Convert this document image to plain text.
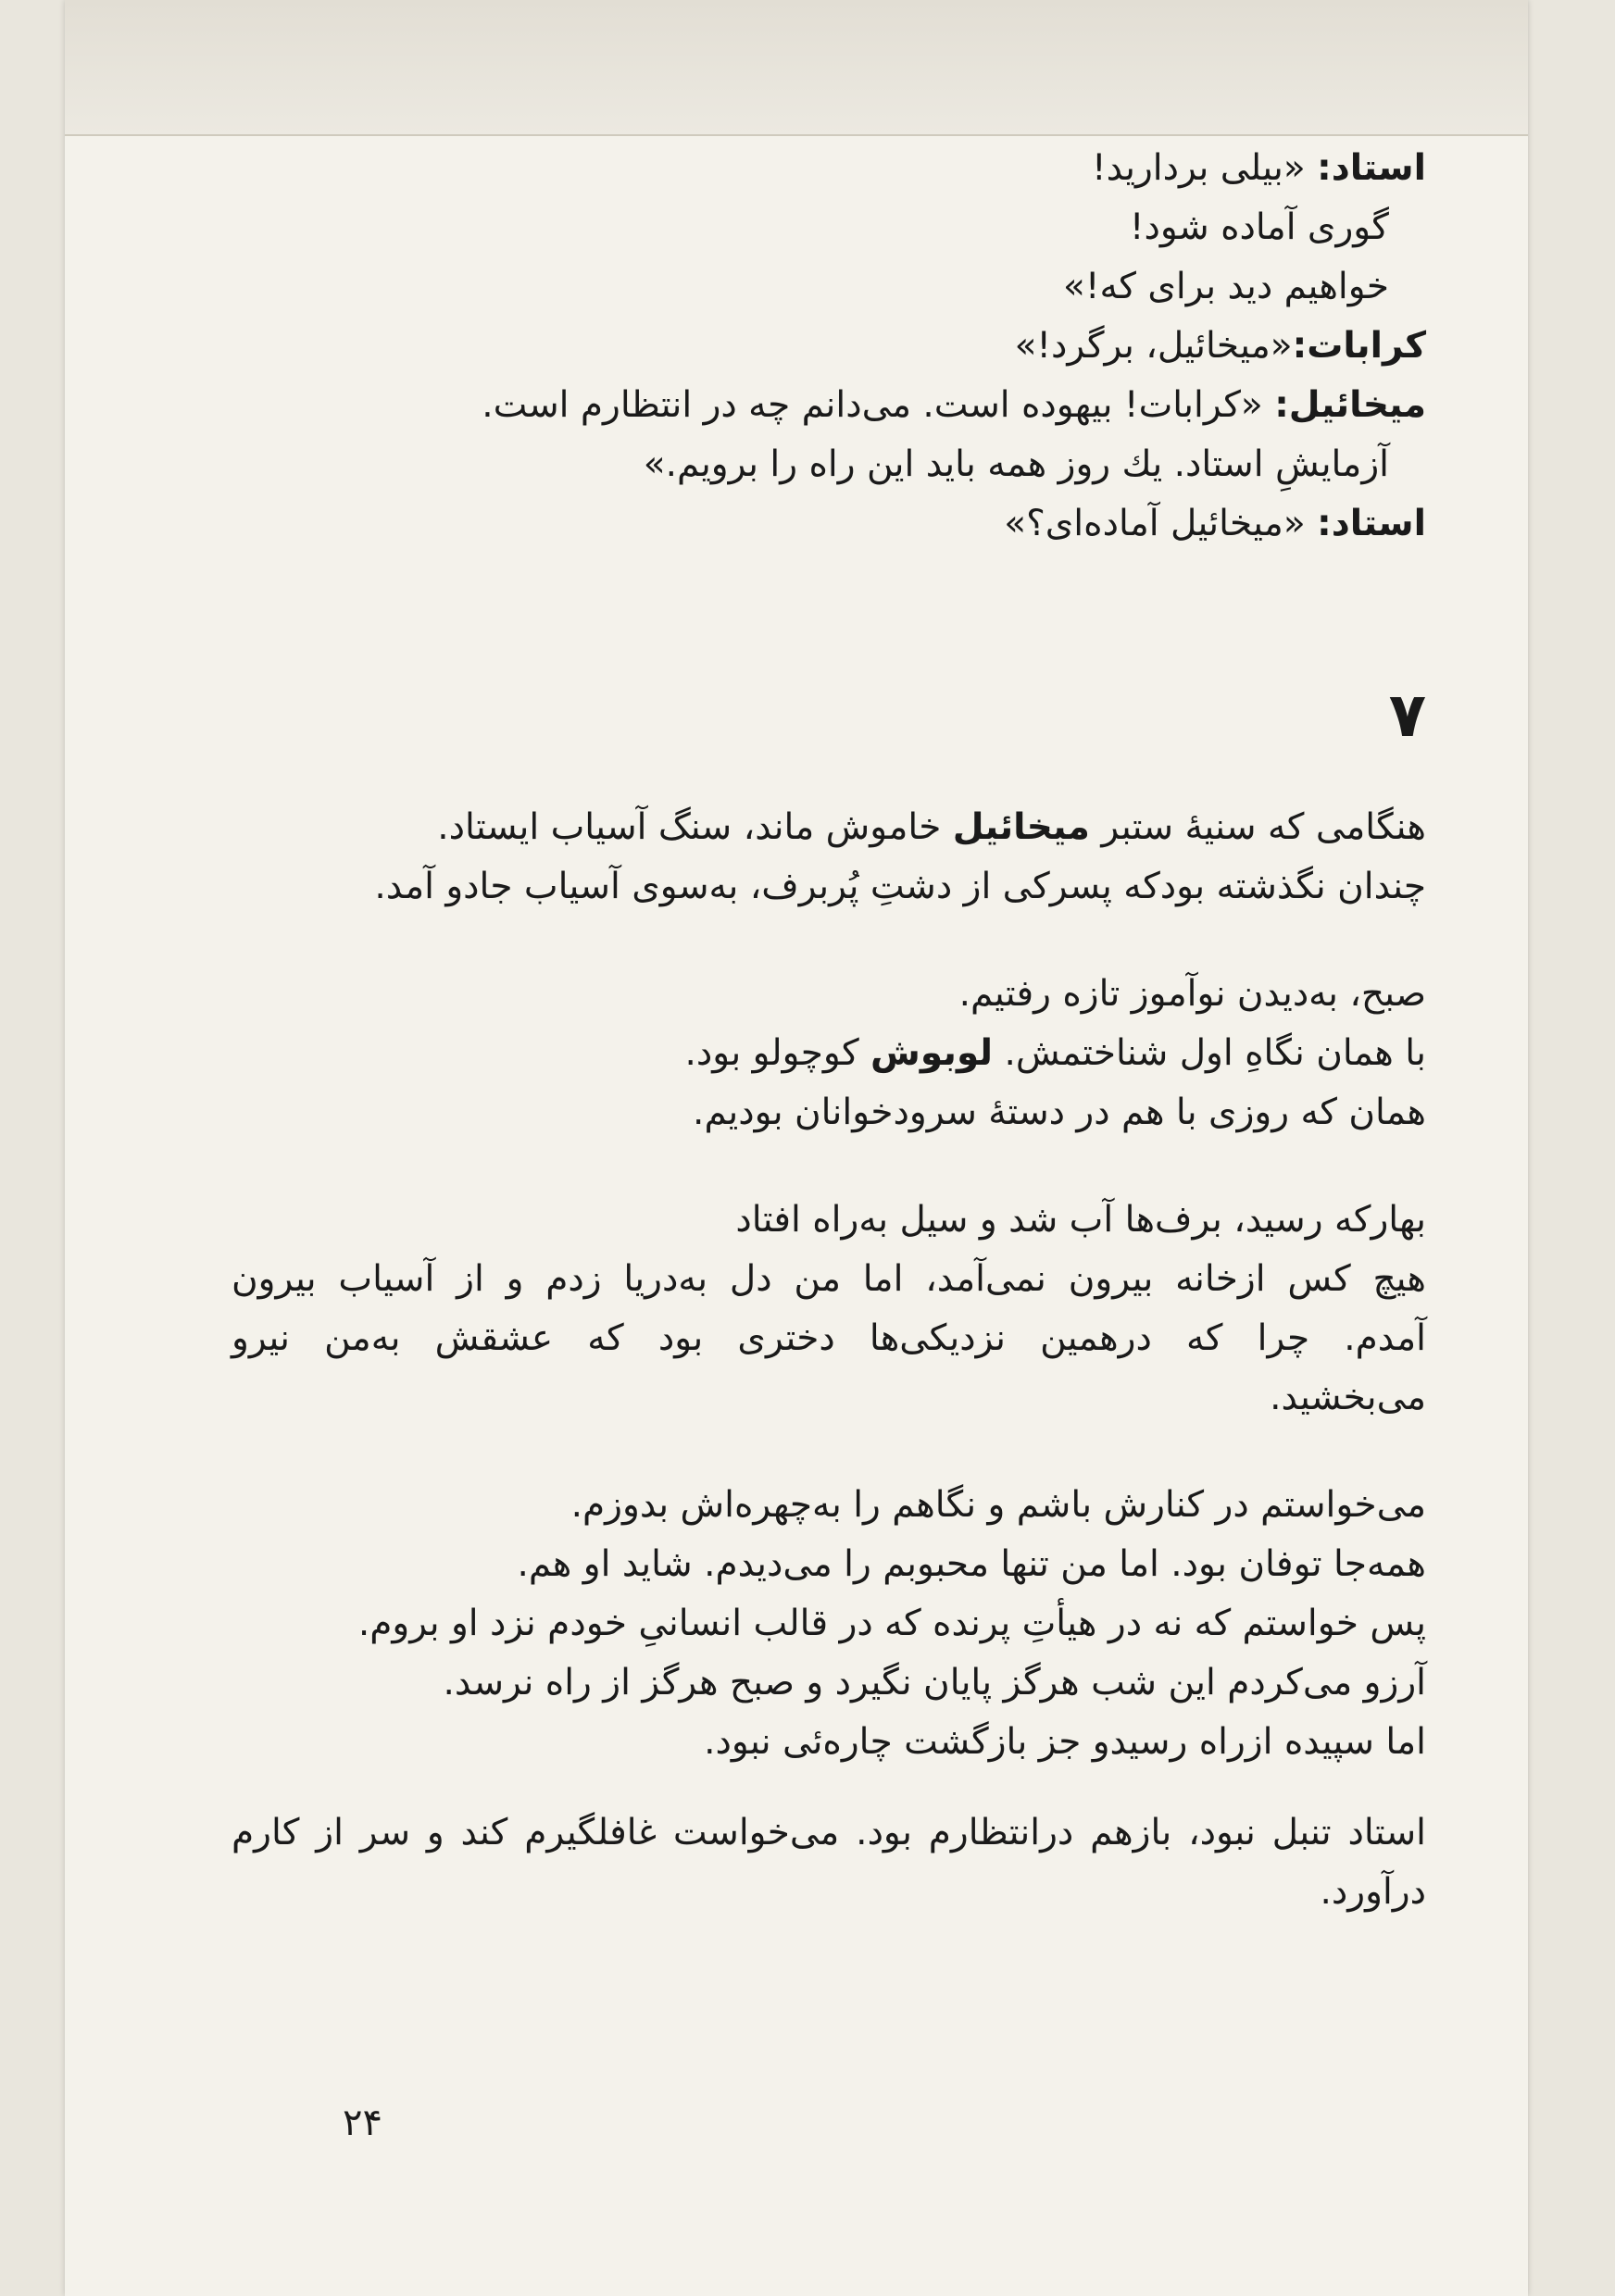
استاد: «بیلی بردارید!
گوری آماده شود!
خواهیم دید برای که!»
کرابات:«میخائیل، برگرد!»
میخائیل: «کرابات! بیهوده است. می‌دانم چه در انتظارم است.
آزمایشِ استاد. یك روز همه باید این راه را برویم.»
استاد: «میخائیل آماده‌ای؟»
۷
هنگامی که سنیهٔ ستبر میخائیل خاموش ماند، سنگ آسیاب ایستاد.
چندان نگذشته بودکه پسرکی از دشتِ پُربرف، به‌سوی آسیاب جادو آمد.
صبح، به‌دیدن نوآموز تازه رفتیم.
با همان نگاهِ اول شناختمش. لوبوش کوچولو بود.
همان که روزی با هم در دستهٔ سرودخوانان بودیم.
بهارکه رسید، برف‌ها آب شد و سیل به‌راه افتاد
هیچ کس ازخانه بیرون نمی‌آمد، اما من دل به‌دریا زدم و از آسیاب بیرون
آمدم. چرا که درهمین نزدیکی‌ها دختری بود که عشقش به‌من نیرو
می‌بخشید.
می‌خواستم در کنارش باشم و نگاهم را به‌چهره‌اش بدوزم.
همه‌جا توفان بود. اما من تنها محبوبم را می‌دیدم. شاید او هم.
پس خواستم که نه در هیأتِ پرنده که در قالب انسانیِ خودم نزد او بروم.
آرزو می‌کردم این شب هرگز پایان نگیرد و صبح هرگز از راه نرسد.
اما سپیده ازراه رسیدو جز بازگشت چاره‌ئی نبود.
استاد تنبل نبود، بازهم درانتظارم بود. می‌خواست غافلگیرم کند و سر از کارم
درآورد.
۲۴
